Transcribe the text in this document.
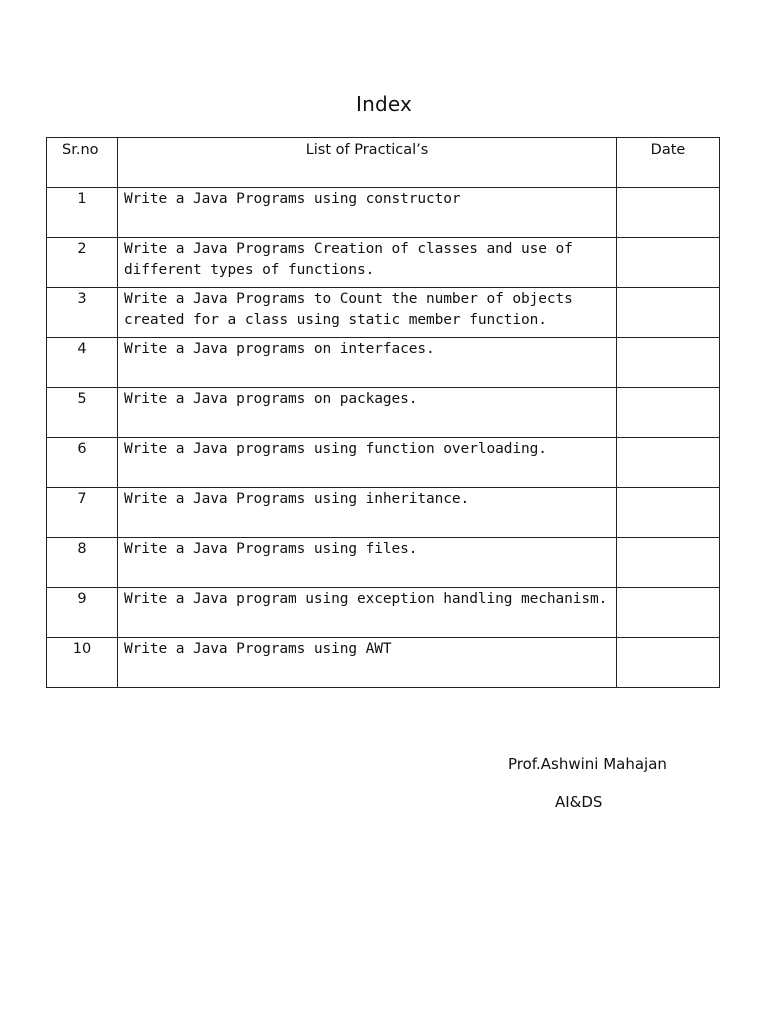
Index
Sr.no	List of Practical’s	Date
1	Write a Java Programs using constructor	
2	Write a Java Programs Creation of classes and use of different types of functions.	
3	Write a Java Programs to Count the number of objects created for a class using static member function.	
4	Write a Java programs on interfaces.	
5	Write a Java programs on packages.	
6	Write a Java programs using function overloading.	
7	Write a Java Programs using inheritance.	
8	Write a Java Programs using files.	
9	Write a Java program using exception handling mechanism.	
10	Write a Java Programs using AWT	
Prof.Ashwini Mahajan
AI&DS
